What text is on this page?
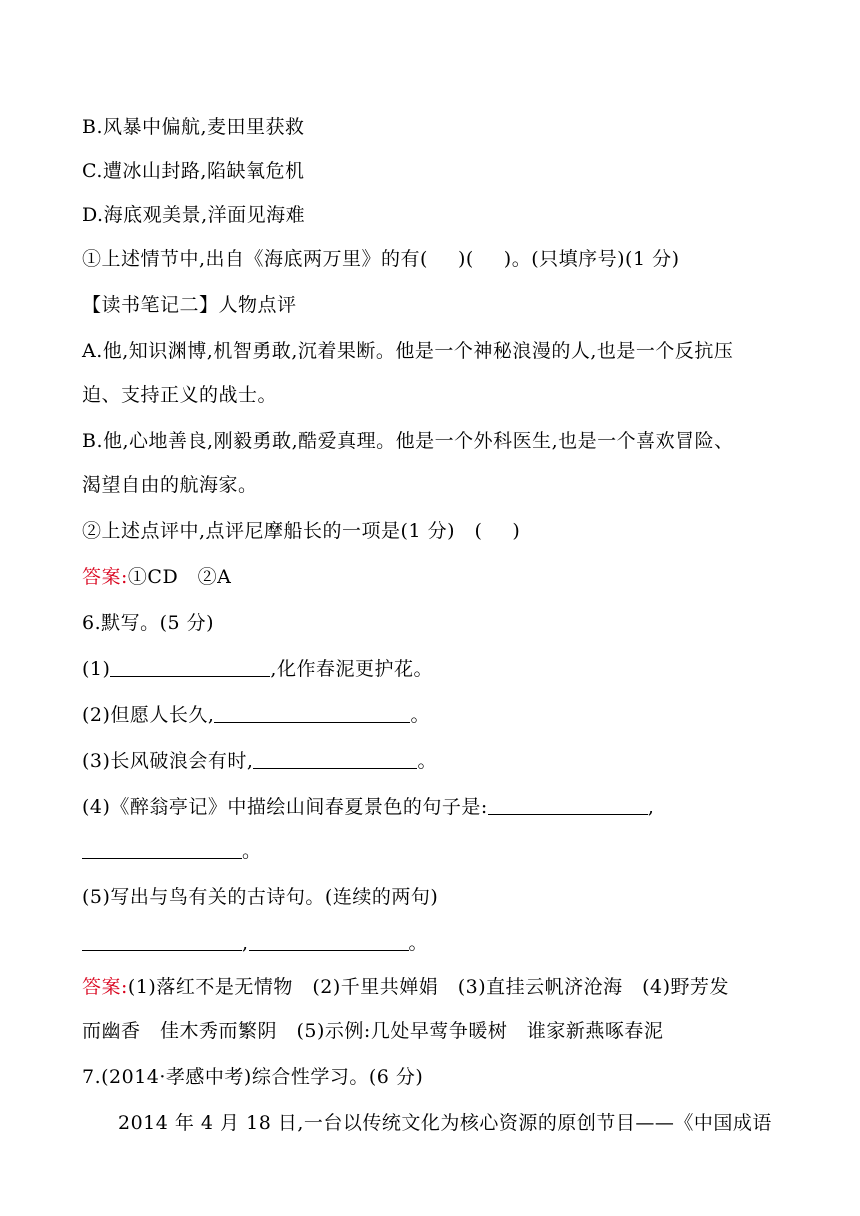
B.风暴中偏航,麦田里获救
C.遭冰山封路,陷缺氧危机
D.海底观美景,洋面见海难
①上述情节中,出自《海底两万里》的有( )( )。(只填序号)(1 分)
【读书笔记二】人物点评
A.他,知识渊博,机智勇敢,沉着果断。他是一个神秘浪漫的人,也是一个反抗压
迫、支持正义的战士。
B.他,心地善良,刚毅勇敢,酷爱真理。他是一个外科医生,也是一个喜欢冒险、
渴望自由的航海家。
②上述点评中,点评尼摩船长的一项是(1 分)　( )
答案:①CD　②A
6.默写。(5 分)
(1)	,化作春泥更护花。
(2)但愿人长久,	。
(3)长风破浪会有时,	。
(4)《醉翁亭记》中描绘山间春夏景色的句子是:	,
。
(5)写出与鸟有关的古诗句。(连续的两句)
,	。
答案:(1)落红不是无情物　(2)千里共婵娟　(3)直挂云帆济沧海　(4)野芳发
而幽香　佳木秀而繁阴　(5)示例:几处早莺争暖树　谁家新燕啄春泥
7.(2014·孝感中考)综合性学习。(6 分)
2014 年 4 月 18 日,一台以传统文化为核心资源的原创节目——《中国成语
